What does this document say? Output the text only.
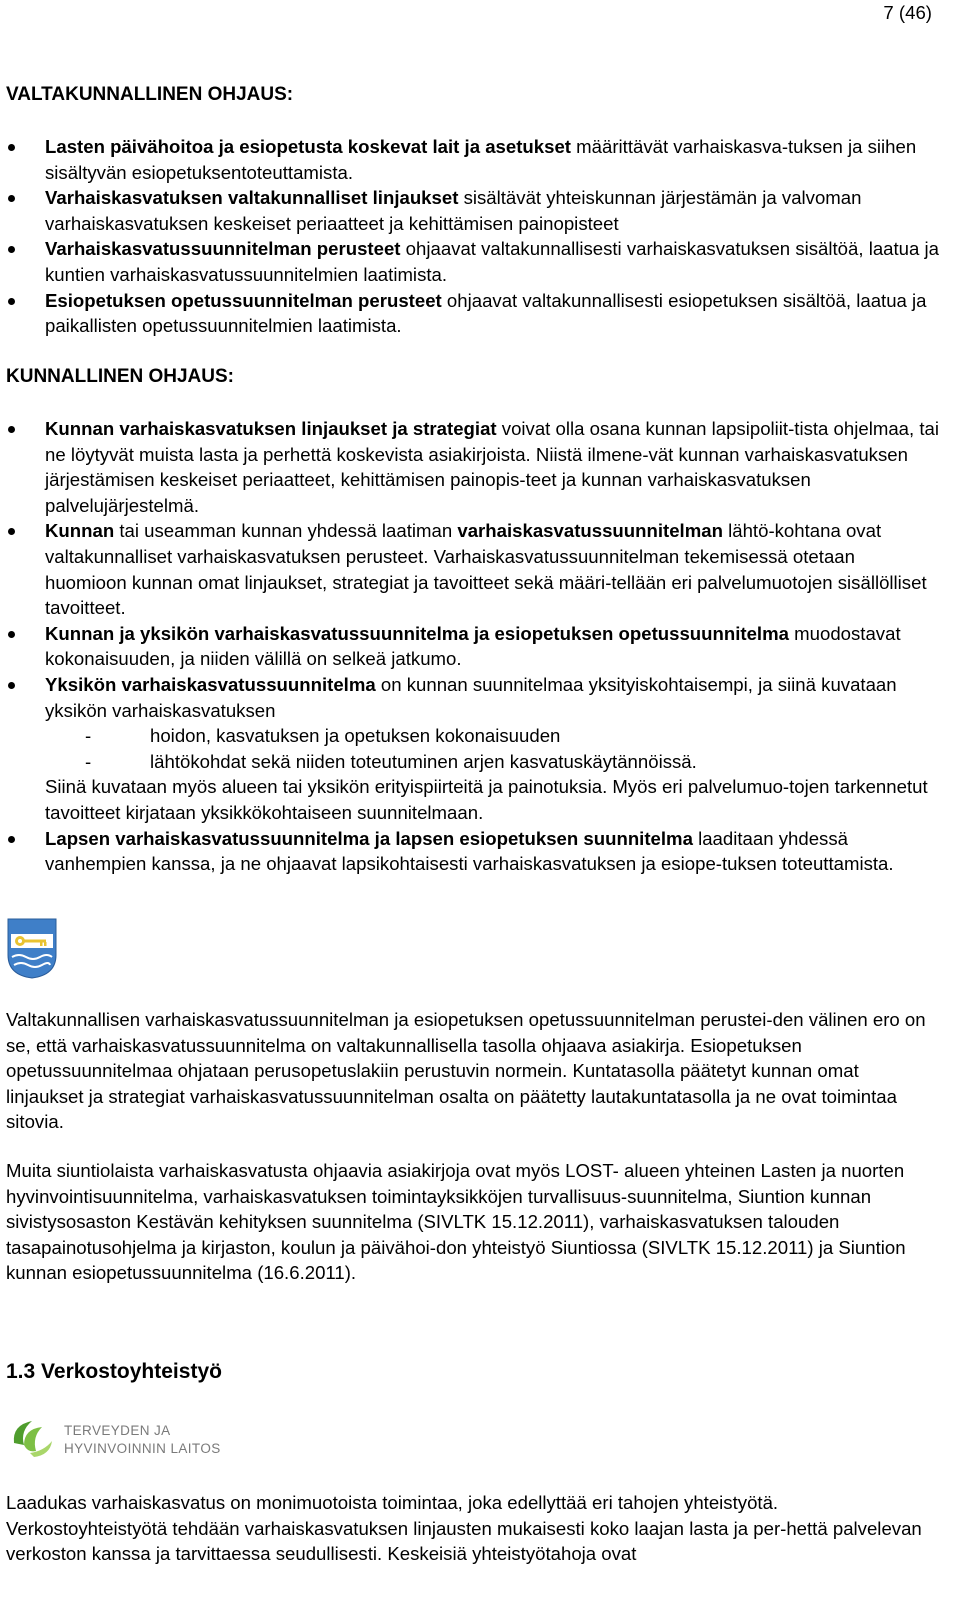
7 (46)
VALTAKUNNALLINEN OHJAUS:
Lasten päivähoitoa ja esiopetusta koskevat lait ja asetukset määrittävät varhaiskasva-tuksen ja siihen sisältyvän esiopetuksentoteuttamista.
Varhaiskasvatuksen valtakunnalliset linjaukset sisältävät yhteiskunnan järjestämän ja valvoman varhaiskasvatuksen keskeiset periaatteet ja kehittämisen painopisteet
Varhaiskasvatussuunnitelman perusteet ohjaavat valtakunnallisesti varhaiskasvatuksen sisältöä, laatua ja kuntien varhaiskasvatussuunnitelmien laatimista.
Esiopetuksen opetussuunnitelman perusteet ohjaavat valtakunnallisesti esiopetuksen sisältöä, laatua ja paikallisten opetussuunnitelmien laatimista.
KUNNALLINEN OHJAUS:
Kunnan varhaiskasvatuksen linjaukset ja strategiat voivat olla osana kunnan lapsipoliit-tista ohjelmaa, tai ne löytyvät muista lasta ja perhettä koskevista asiakirjoista. Niistä ilmene-vät kunnan varhaiskasvatuksen järjestämisen keskeiset periaatteet, kehittämisen painopis-teet ja kunnan varhaiskasvatuksen palvelujärjestelmä.
Kunnan tai useamman kunnan yhdessä laatiman varhaiskasvatussuunnitelman lähtö-kohtana ovat valtakunnalliset varhaiskasvatuksen perusteet. Varhaiskasvatussuunnitelman tekemisessä otetaan huomioon kunnan omat linjaukset, strategiat ja tavoitteet sekä määri-tellään eri palvelumuotojen sisällölliset tavoitteet.
Kunnan ja yksikön varhaiskasvatussuunnitelma ja esiopetuksen opetussuunnitelma muodostavat kokonaisuuden, ja niiden välillä on selkeä jatkumo.
Yksikön varhaiskasvatussuunnitelma on kunnan suunnitelmaa yksityiskohtaisempi, ja siinä kuvataan yksikön varhaiskasvatuksen
-	hoidon, kasvatuksen ja opetuksen kokonaisuuden
-	lähtökohdat sekä niiden toteutuminen arjen kasvatuskäytännöissä.
Siinä kuvataan myös alueen tai yksikön erityispiirteitä ja painotuksia. Myös eri palvelumuo-tojen tarkennetut tavoitteet kirjataan yksikkökohtaiseen suunnitelmaan.
Lapsen varhaiskasvatussuunnitelma ja lapsen esiopetuksen suunnitelma laaditaan yhdessä vanhempien kanssa, ja ne ohjaavat lapsikohtaisesti varhaiskasvatuksen ja esiope-tuksen toteuttamista.

Valtakunnallisen varhaiskasvatussuunnitelman ja esiopetuksen opetussuunnitelman perustei-den välinen ero on se, että varhaiskasvatussuunnitelma on valtakunnallisella tasolla ohjaava asiakirja. Esiopetuksen opetussuunnitelmaa ohjataan perusopetuslakiin perustuvin normein. Kuntatasolla päätetyt kunnan omat linjaukset ja strategiat varhaiskasvatussuunnitelman osalta on päätetty lautakuntatasolla ja ne ovat toimintaa sitovia.

Muita siuntiolaista varhaiskasvatusta ohjaavia asiakirjoja ovat myös LOST- alueen yhteinen Lasten ja nuorten hyvinvointisuunnitelma, varhaiskasvatuksen toimintayksikköjen turvallisuus-suunnitelma, Siuntion kunnan sivistysosaston Kestävän kehityksen suunnitelma (SIVLTK 15.12.2011), varhaiskasvatuksen talouden tasapainotusohjelma ja kirjaston, koulun ja päivähoi-don yhteistyö Siuntiossa (SIVLTK 15.12.2011) ja Siuntion kunnan esiopetussuunnitelma (16.6.2011).

1.3 Verkostoyhteistyö
TERVEYDEN JA
HYVINVOINNIN LAITOS

Laadukas varhaiskasvatus on monimuotoista toimintaa, joka edellyttää eri tahojen yhteistyötä. Verkostoyhteistyötä tehdään varhaiskasvatuksen linjausten mukaisesti koko laajan lasta ja per-hettä palvelevan verkoston kanssa ja tarvittaessa seudullisesti. Keskeisiä yhteistyötahoja ovat
